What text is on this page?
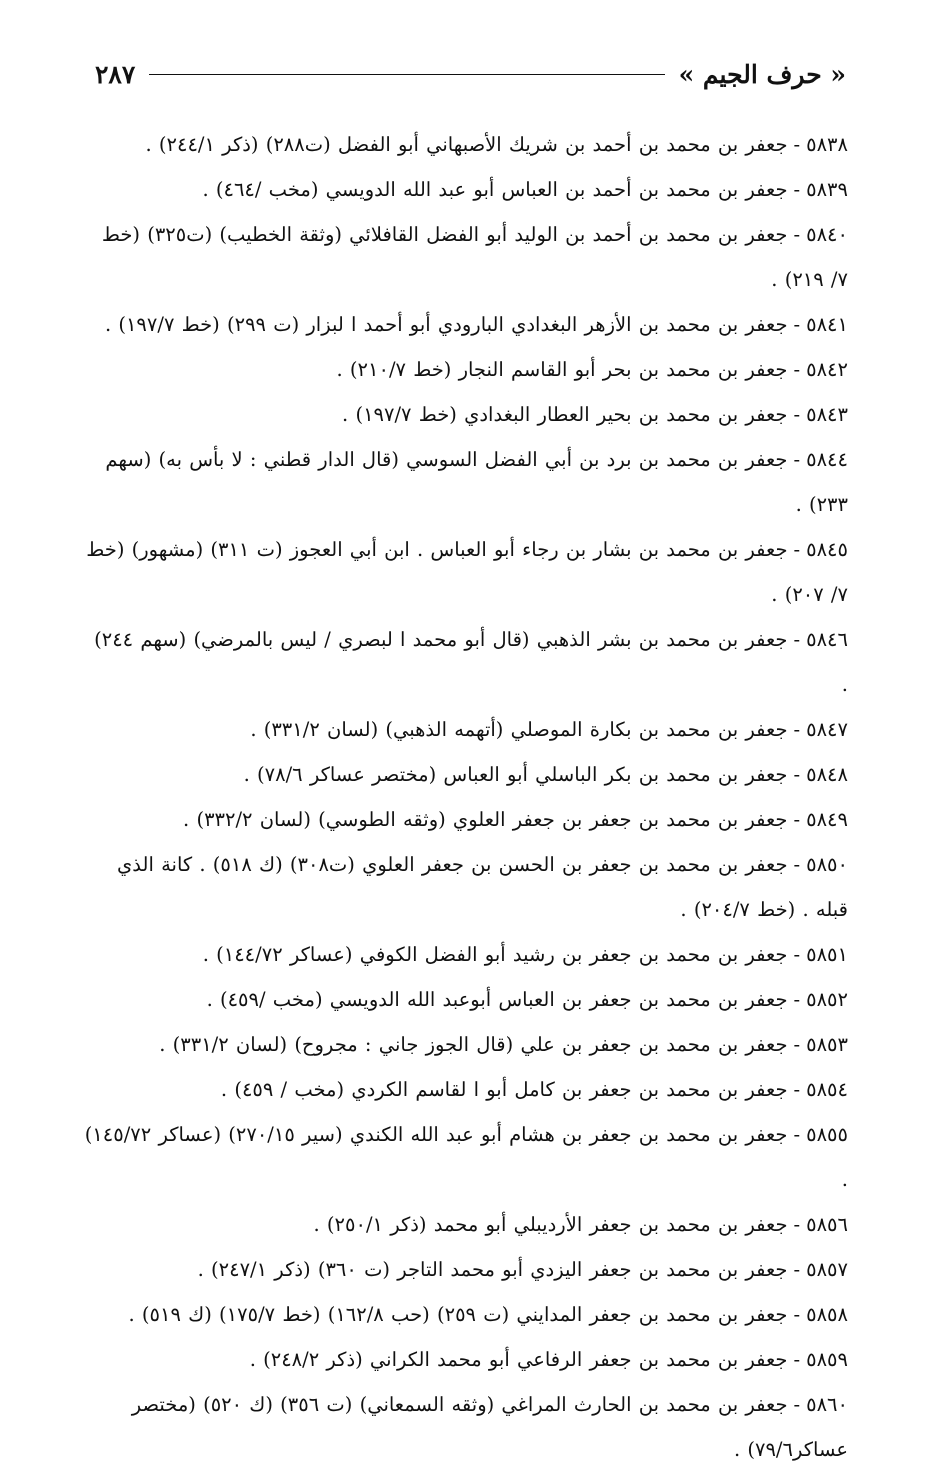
٢٨٧	« حرف الجيم »
٥٨٣٨-جعفر بن محمد بن أحمد بن شريك الأصبهاني أبو الفضل (ت٢٨٨) (ذكر ٢٤٤/١) .
٥٨٣٩-جعفر بن محمد بن أحمد بن العباس أبو عبد الله الدويسي (مخب /٤٦٤) .
٥٨٤٠-جعفر بن محمد بن أحمد بن الوليد أبو الفضل القافلائي (وثقة الخطيب) (ت٣٢٥) (خط ٧/ ٢١٩) .
٥٨٤١-جعفر بن محمد بن الأزهر البغدادي البارودي أبو أحمد ا لبزار (ت ٢٩٩) (خط ١٩٧/٧) .
٥٨٤٢-جعفر بن محمد بن بحر أبو القاسم النجار (خط ٢١٠/٧) .
٥٨٤٣-جعفر بن محمد بن بحير العطار البغدادي (خط ١٩٧/٧) .
٥٨٤٤-جعفر بن محمد بن برد بن أبي الفضل السوسي (قال الدار قطني : لا بأس به) (سهم ٢٣٣) .
٥٨٤٥-جعفر بن محمد بن بشار بن رجاء أبو العباس . ابن أبي العجوز (ت ٣١١) (مشهور) (خط ٧/ ٢٠٧) .
٥٨٤٦-جعفر بن محمد بن بشر الذهبي (قال أبو محمد ا لبصري / ليس بالمرضي) (سهم ٢٤٤) .
٥٨٤٧-جعفر بن محمد بن بكارة الموصلي (أتهمه الذهبي) (لسان ٣٣١/٢) .
٥٨٤٨-جعفر بن محمد بن بكر الباسلي أبو العباس (مختصر عساكر ٧٨/٦) .
٥٨٤٩-جعفر بن محمد بن جعفر بن جعفر العلوي (وثقه الطوسي) (لسان ٣٣٢/٢) .
٥٨٥٠-جعفر بن محمد بن جعفر بن الحسن بن جعفر العلوي (ت٣٠٨) (ك ٥١٨) . كانة الذي قبله . (خط ٢٠٤/٧) .
٥٨٥١-جعفر بن محمد بن جعفر بن رشيد أبو الفضل الكوفي (عساكر ١٤٤/٧٢) .
٥٨٥٢-جعفر بن محمد بن جعفر بن العباس أبوعبد الله الدويسي (مخب /٤٥٩) .
٥٨٥٣-جعفر بن محمد بن جعفر بن علي (قال الجوز جاني : مجروح) (لسان ٣٣١/٢) .
٥٨٥٤-جعفر بن محمد بن جعفر بن كامل أبو ا لقاسم الكردي (مخب / ٤٥٩) .
٥٨٥٥-جعفر بن محمد بن جعفر بن هشام أبو عبد الله الكندي (سير ٢٧٠/١٥) (عساكر ١٤٥/٧٢) .
٥٨٥٦-جعفر بن محمد بن جعفر الأرديبلي أبو محمد (ذكر ٢٥٠/١) .
٥٨٥٧-جعفر بن محمد بن جعفر اليزدي أبو محمد التاجر (ت ٣٦٠) (ذكر ٢٤٧/١) .
٥٨٥٨-جعفر بن محمد بن جعفر المدايني (ت ٢٥٩) (حب ١٦٢/٨) (خط ١٧٥/٧) (ك ٥١٩) .
٥٨٥٩-جعفر بن محمد بن جعفر الرفاعي أبو محمد الكراني (ذكر ٢٤٨/٢) .
٥٨٦٠-جعفر بن محمد بن الحارث المراغي (وثقه السمعاني) (ت ٣٥٦) (ك ٥٢٠) (مختصر عساكر٧٩/٦) .
